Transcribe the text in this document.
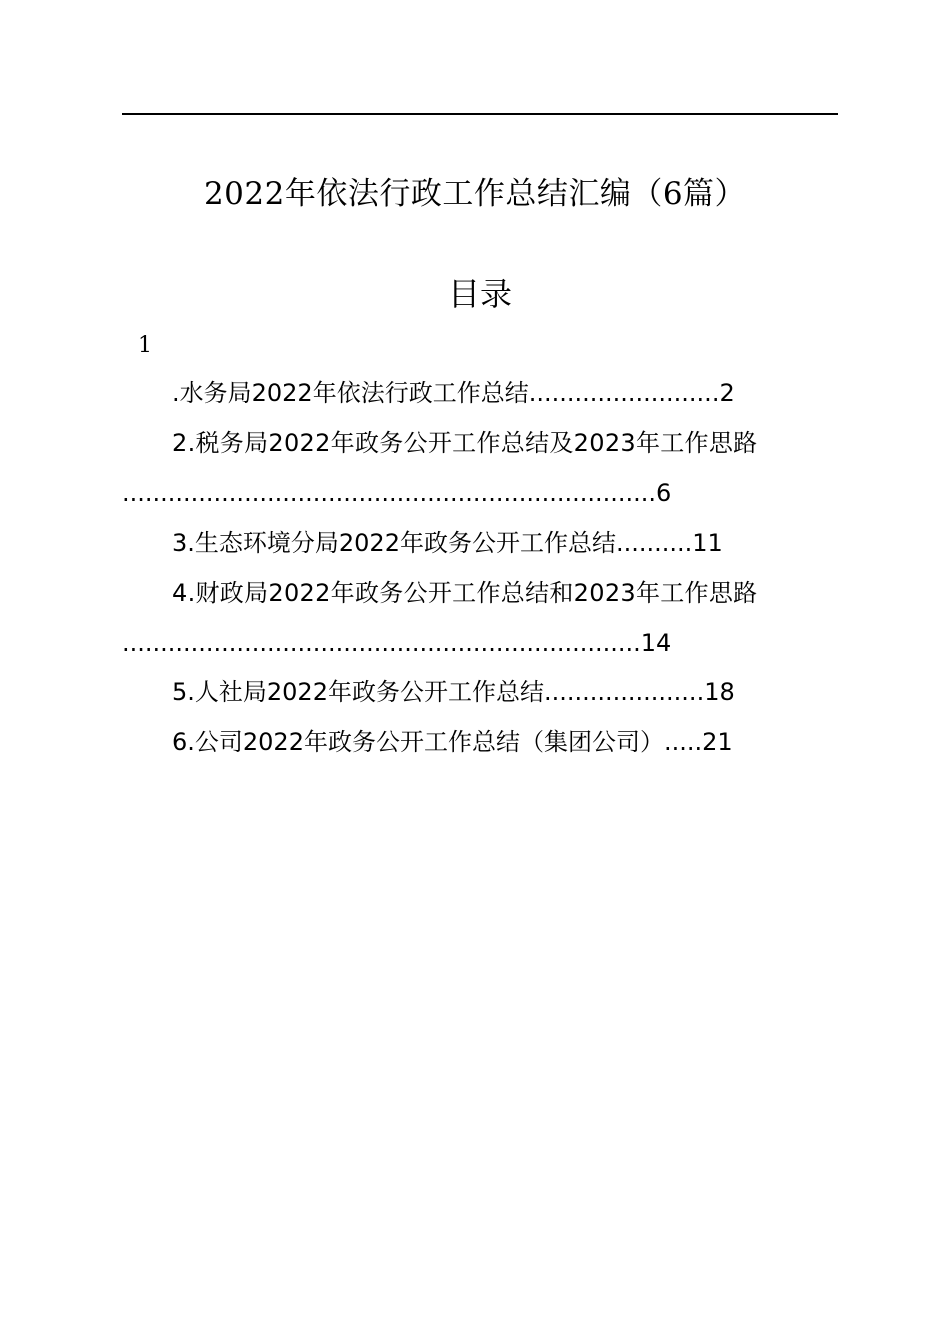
2022年依法行政工作总结汇编（6篇）
目录
1
.水务局2022年依法行政工作总结.........................2
2.税务局2022年政务公开工作总结及2023年工作思路
......................................................................6
3.生态环境分局2022年政务公开工作总结..........11
4.财政局2022年政务公开工作总结和2023年工作思路
....................................................................14
5.人社局2022年政务公开工作总结.....................18
6.公司2022年政务公开工作总结（集团公司）.....21
